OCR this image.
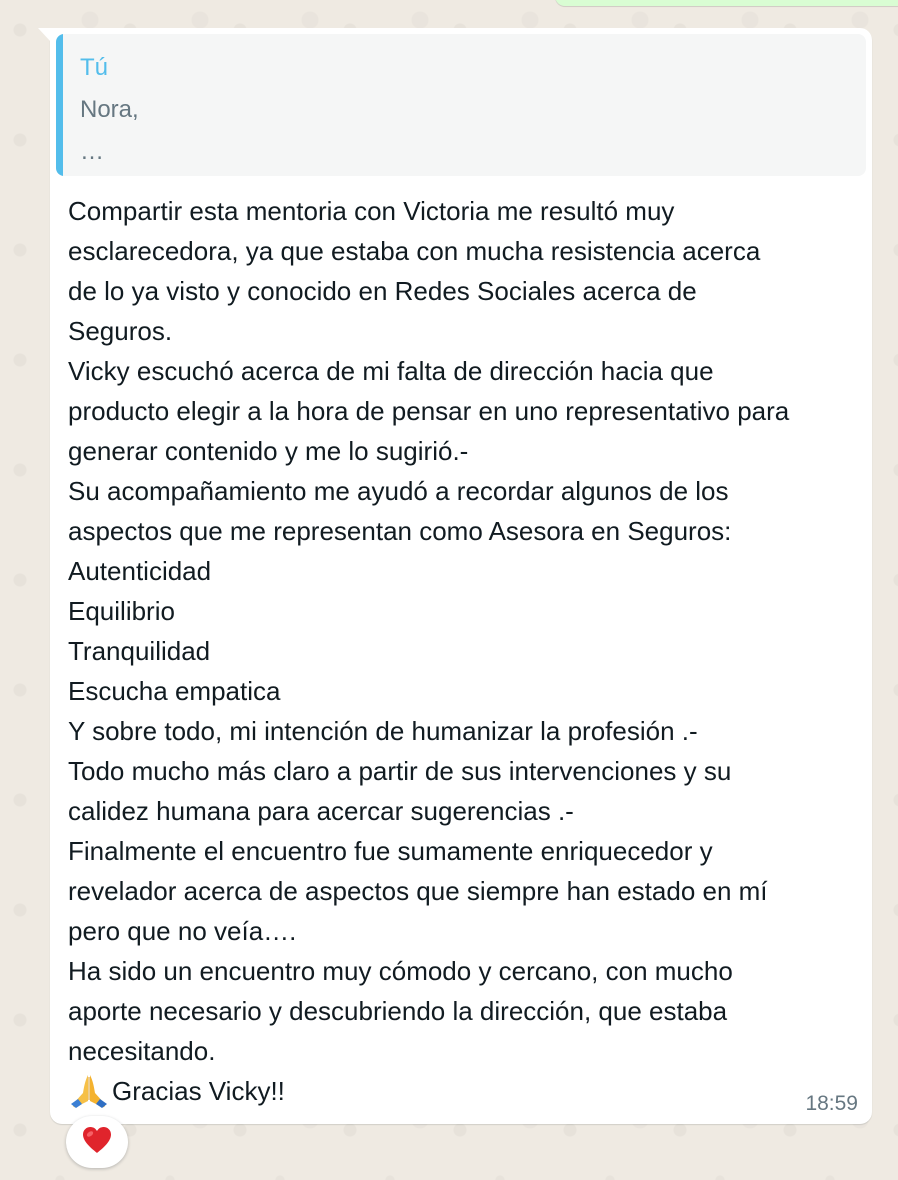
Tú
Nora,
…
Compartir esta mentoria con Victoria me resultó muy
esclarecedora, ya que estaba con mucha resistencia acerca
de lo ya visto y conocido en Redes Sociales acerca de
Seguros.
Vicky escuchó acerca de mi falta de dirección hacia que
producto elegir a la hora de pensar en uno representativo para
generar contenido y me lo sugirió.-
Su acompañamiento me ayudó a recordar algunos de los
aspectos que me representan como Asesora en Seguros:
Autenticidad
Equilibrio
Tranquilidad
Escucha empatica
Y sobre todo, mi intención de humanizar la profesión .-
Todo mucho más claro a partir de sus intervenciones y su
calidez humana para acercar sugerencias .-
Finalmente el encuentro fue sumamente enriquecedor y
revelador acerca de aspectos que siempre han estado en mí
pero que no veía….
Ha sido un encuentro muy cómodo y cercano, con mucho
aporte necesario y descubriendo la dirección, que estaba
necesitando.
Gracias Vicky!!	18:59
